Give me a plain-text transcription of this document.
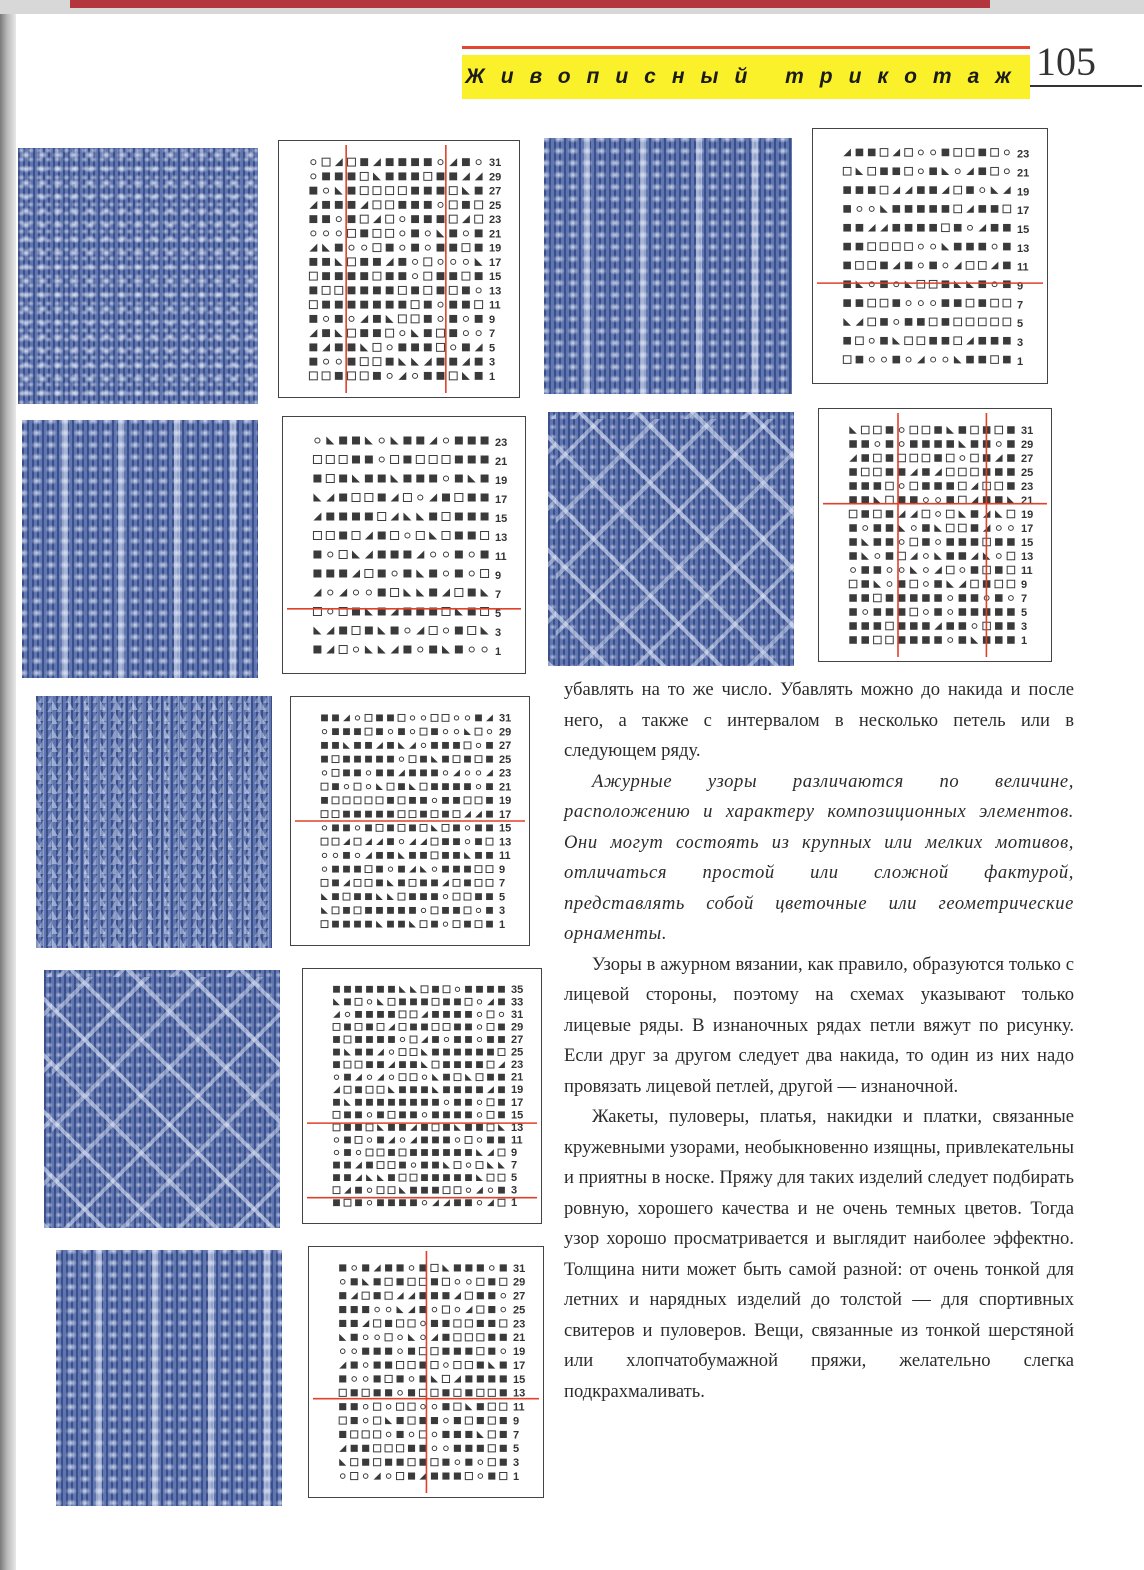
Живописный трикотаж 105
31
29
27
25
23
21
19
17
15
13
11
9
7
5
3
1
23
21
19
17
15
13
11
9
7
5
3
1
23
21
19
17
15
13
11
9
7
5
3
1
31
29
27
25
23
21
19
17
15
13
11
9
7
5
3
1
31
29
27
25
23
21
19
17
15
13
11
9
7
5
3
1
35
33
31
29
27
25
23
21
19
17
15
13
11
9
7
5
3
1
31
29
27
25
23
21
19
17
15
13
11
9
7
5
3
1

убавлять на то же число. Убавлять можно до накида и после него, а также с интервалом в несколько петель или в следующем ряду.

Ажурные узоры различаются по величине, расположению и характеру композиционных элементов. Они могут состоять из крупных или мелких мотивов, отличаться простой или сложной фактурой, представлять собой цветочные или геометрические орнаменты.

Узоры в ажурном вязании, как правило, образуются только с лицевой стороны, поэтому на схемах указывают только лицевые ряды. В изнаночных рядах петли вяжут по рисунку. Если друг за другом следует два накида, то один из них надо провязать лицевой петлей, другой — изнаночной.

Жакеты, пуловеры, платья, накидки и платки, связанные кружевными узорами, необыкновенно изящны, привлекательны и приятны в носке. Пряжу для таких изделий следует подбирать ровную, хорошего качества и не очень темных цветов. Тогда узор хорошо просматривается и выглядит наиболее эффектно. Толщина нити может быть самой разной: от очень тонкой для летних и нарядных изделий до толстой — для спортивных свитеров и пуловеров. Вещи, связанные из тонкой шерстяной или хлопчатобумажной пряжи, желательно слегка подкрахмаливать.
